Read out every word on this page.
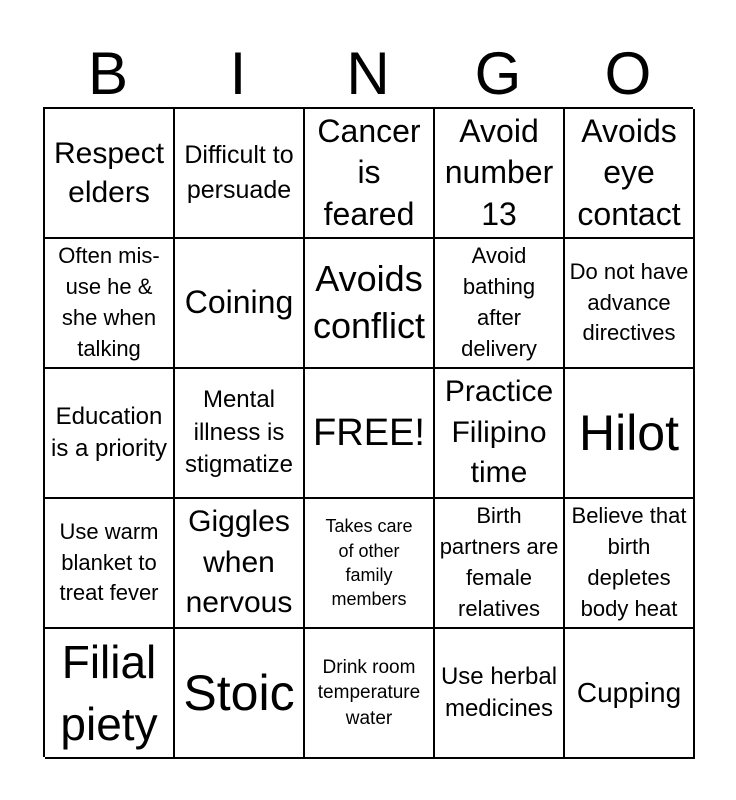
B	I	N	G	O
Respect elders
Difficult to persuade
Cancer is feared
Avoid number 13
Avoids eye contact
Often mis-use he & she when talking
Coining
Avoids conflict
Avoid bathing after delivery
Do not have advance directives
Education is a priority
Mental illness is stigmatize
FREE!
Practice Filipino time
Hilot
Use warm blanket to treat fever
Giggles when nervous
Takes care of other family members
Birth partners are female relatives
Believe that birth depletes body heat
Filial piety
Stoic	Drink room temperature water
Use herbal medicines
Cupping
